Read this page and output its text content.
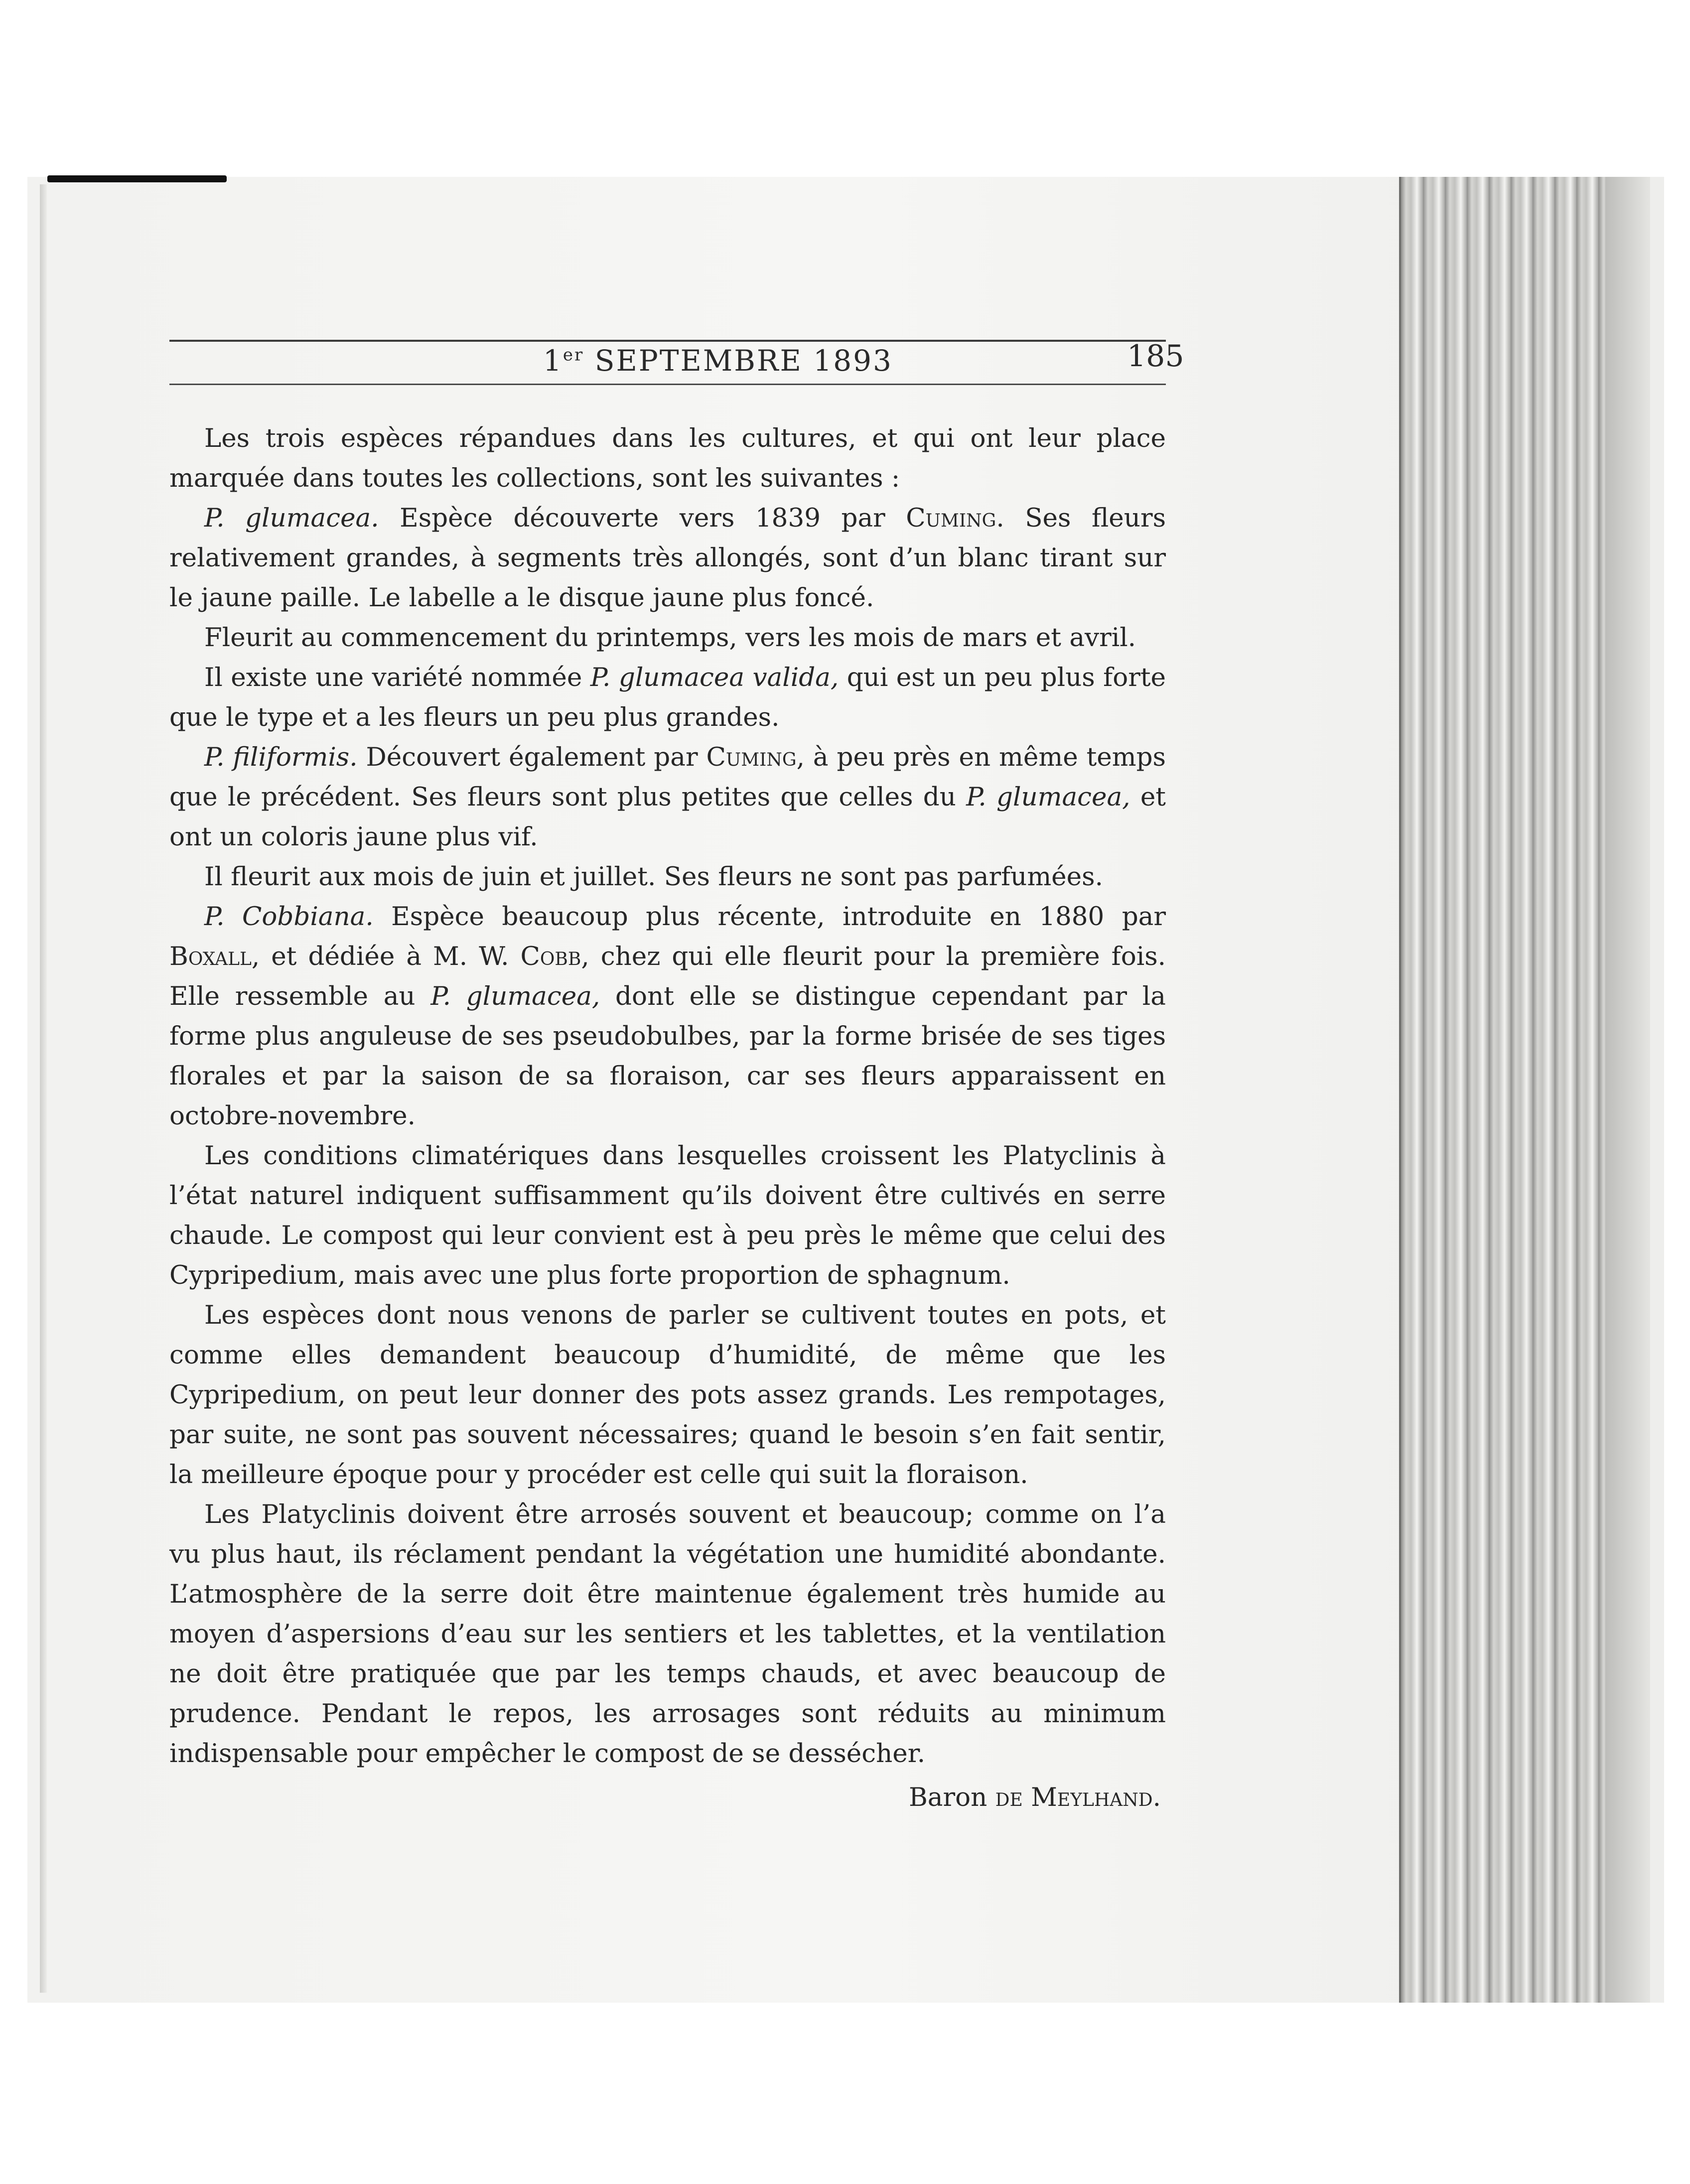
1er SEPTEMBRE 1893	185

Les trois espèces répandues dans les cultures, et qui ont leur place marquée dans toutes les collections, sont les suivantes :

P. glumacea. Espèce découverte vers 1839 par Cuming. Ses fleurs relativement grandes, à segments très allongés, sont d’un blanc tirant sur le jaune paille. Le labelle a le disque jaune plus foncé.

Fleurit au commencement du printemps, vers les mois de mars et avril.

Il existe une variété nommée P. glumacea valida, qui est un peu plus forte que le type et a les fleurs un peu plus grandes.

P. filiformis. Découvert également par Cuming, à peu près en même temps que le précédent. Ses fleurs sont plus petites que celles du P. glumacea, et ont un coloris jaune plus vif.

Il fleurit aux mois de juin et juillet. Ses fleurs ne sont pas parfumées.

P. Cobbiana. Espèce beaucoup plus récente, introduite en 1880 par Boxall, et dédiée à M. W. Cobb, chez qui elle fleurit pour la première fois. Elle ressemble au P. glumacea, dont elle se distingue cependant par la forme plus anguleuse de ses pseudobulbes, par la forme brisée de ses tiges florales et par la saison de sa floraison, car ses fleurs apparaissent en octobre-novembre.

Les conditions climatériques dans lesquelles croissent les Platyclinis à l’état naturel indiquent suffisamment qu’ils doivent être cultivés en serre chaude. Le compost qui leur convient est à peu près le même que celui des Cypripedium, mais avec une plus forte proportion de sphagnum.

Les espèces dont nous venons de parler se cultivent toutes en pots, et comme elles demandent beaucoup d’humidité, de même que les Cypripedium, on peut leur donner des pots assez grands. Les rempotages, par suite, ne sont pas souvent nécessaires; quand le besoin s’en fait sentir, la meilleure époque pour y procéder est celle qui suit la floraison.

Les Platyclinis doivent être arrosés souvent et beaucoup; comme on l’a vu plus haut, ils réclament pendant la végétation une humidité abondante. L’atmosphère de la serre doit être maintenue également très humide au moyen d’aspersions d’eau sur les sentiers et les tablettes, et la ventilation ne doit être pratiquée que par les temps chauds, et avec beaucoup de prudence. Pendant le repos, les arrosages sont réduits au minimum indispensable pour empêcher le compost de se dessécher.

Baron de Meylhand.
